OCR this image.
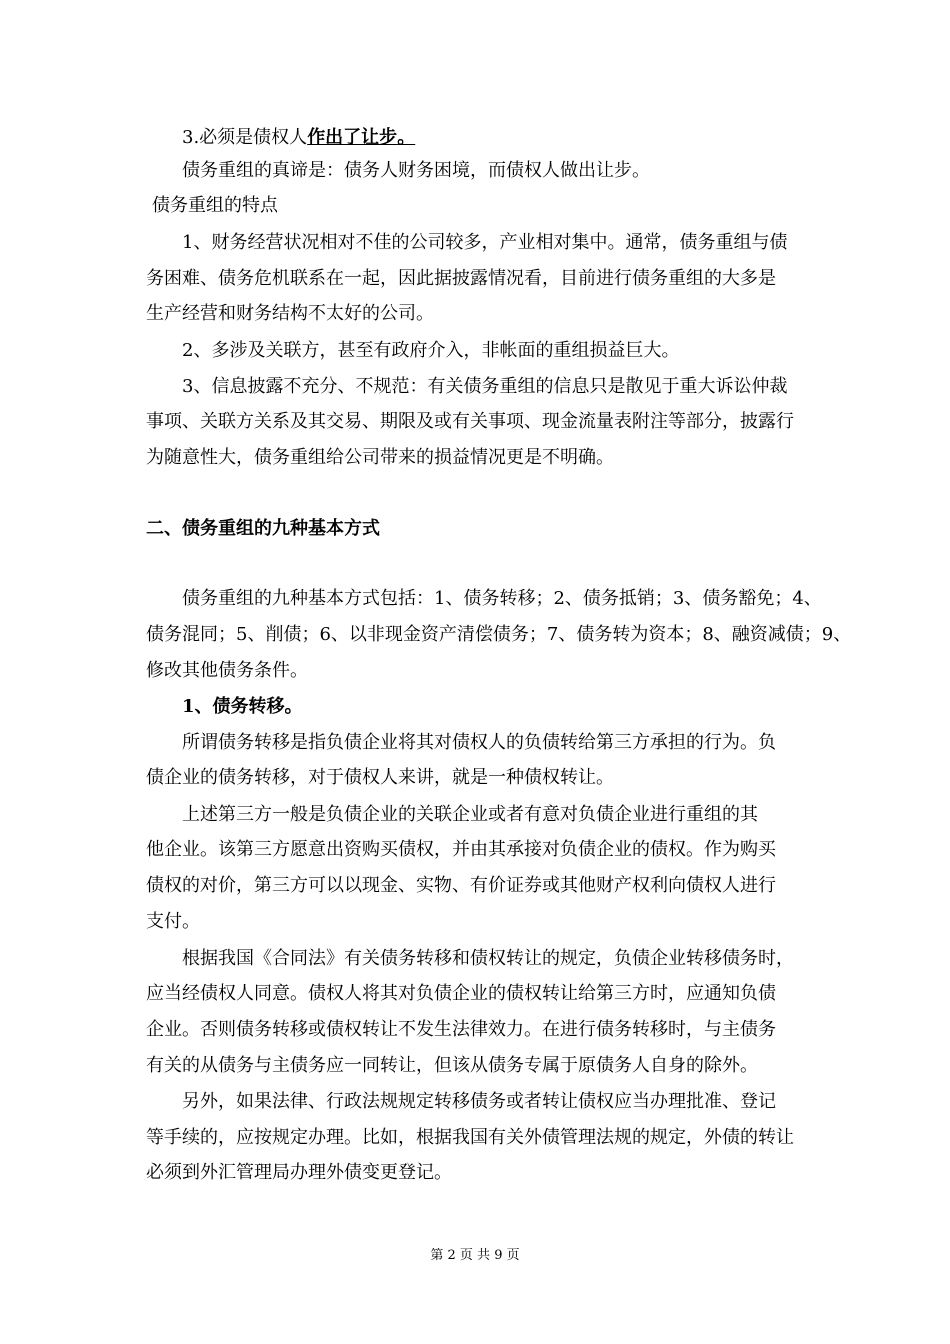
3.必须是债权人作出了让步。
债务重组的真谛是：债务人财务困境，而债权人做出让步。
债务重组的特点
1、财务经营状况相对不佳的公司较多，产业相对集中。通常，债务重组与债
务困难、债务危机联系在一起，因此据披露情况看，目前进行债务重组的大多是
生产经营和财务结构不太好的公司。
2、多涉及关联方，甚至有政府介入，非帐面的重组损益巨大。
3、信息披露不充分、不规范：有关债务重组的信息只是散见于重大诉讼仲裁
事项、关联方关系及其交易、期限及或有关事项、现金流量表附注等部分，披露行
为随意性大，债务重组给公司带来的损益情况更是不明确。
二、债务重组的九种基本方式
债务重组的九种基本方式包括：1、债务转移；2、债务抵销；3、债务豁免；4、
债务混同；5、削债；6、以非现金资产清偿债务；7、债务转为资本；8、融资减债；9、
修改其他债务条件。
1、债务转移。
所谓债务转移是指负债企业将其对债权人的负债转给第三方承担的行为。负
债企业的债务转移，对于债权人来讲，就是一种债权转让。
上述第三方一般是负债企业的关联企业或者有意对负债企业进行重组的其
他企业。该第三方愿意出资购买债权，并由其承接对负债企业的债权。作为购买
债权的对价，第三方可以以现金、实物、有价证券或其他财产权利向债权人进行
支付。
根据我国《合同法》有关债务转移和债权转让的规定，负债企业转移债务时，
应当经债权人同意。债权人将其对负债企业的债权转让给第三方时，应通知负债
企业。否则债务转移或债权转让不发生法律效力。在进行债务转移时，与主债务
有关的从债务与主债务应一同转让，但该从债务专属于原债务人自身的除外。
另外，如果法律、行政法规规定转移债务或者转让债权应当办理批准、登记
等手续的，应按规定办理。比如，根据我国有关外债管理法规的规定，外债的转让
必须到外汇管理局办理外债变更登记。
第 2 页 共 9 页
